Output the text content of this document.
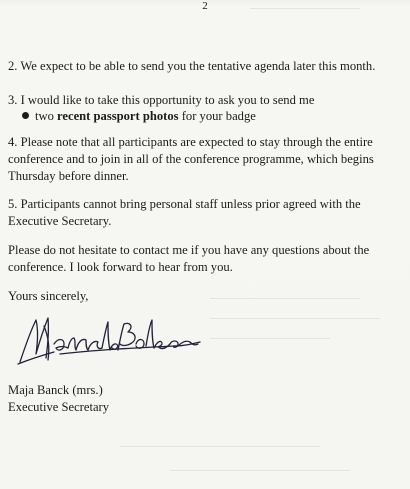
2
2. We expect to be able to send you the tentative agenda later this month.
3. I would like to take this opportunity to ask you to send me
two recent passport photos for your badge
4. Please note that all participants are expected to stay through the entire
conference and to join in all of the conference programme, which begins
Thursday before dinner.
5. Participants cannot bring personal staff unless prior agreed with the
Executive Secretary.
Please do not hesitate to contact me if you have any questions about the
conference. I look forward to hear from you.
Yours sincerely,
Maja Banck (mrs.)
Executive Secretary
